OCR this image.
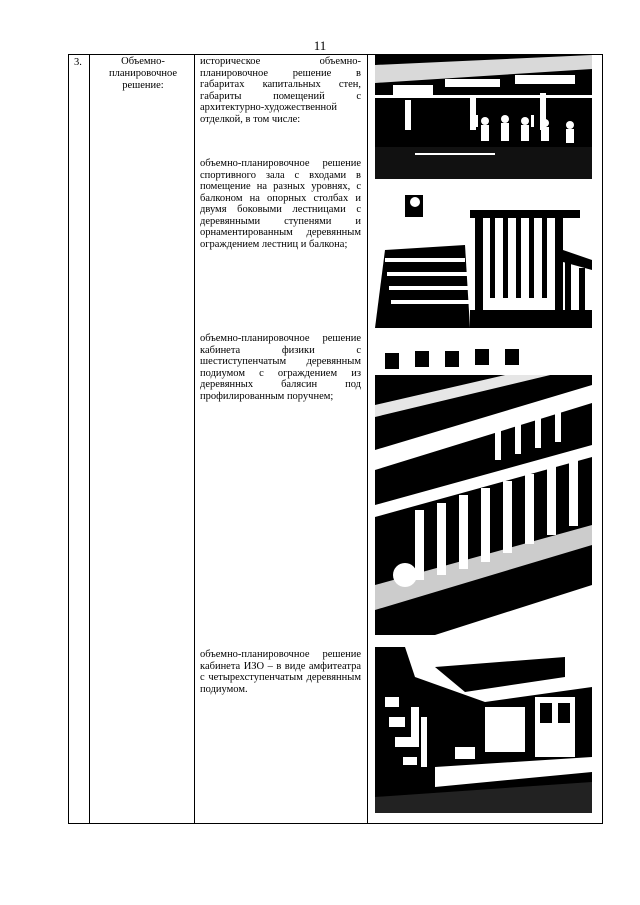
11
3.	Объемно-планировочное решение:
историческое объемно-планировочное решение в габаритах капитальных стен, габариты помещений с архитектурно-художественной отделкой, в том числе:
объемно-планировочное решение спортивного зала с входами в помещение на разных уровнях, с балконом на опорных столбах и двумя боковыми лестницами с деревянными ступенями и орнаментированным деревянным ограждением лестниц и балкона;
объемно-планировочное решение кабинета физики с шестиступенчатым деревянным подиумом с ограждением из деревянных балясин под профилированным поручнем;
объемно-планировочное решение кабинета ИЗО – в виде амфитеатра с четырехступенчатым деревянным подиумом.
